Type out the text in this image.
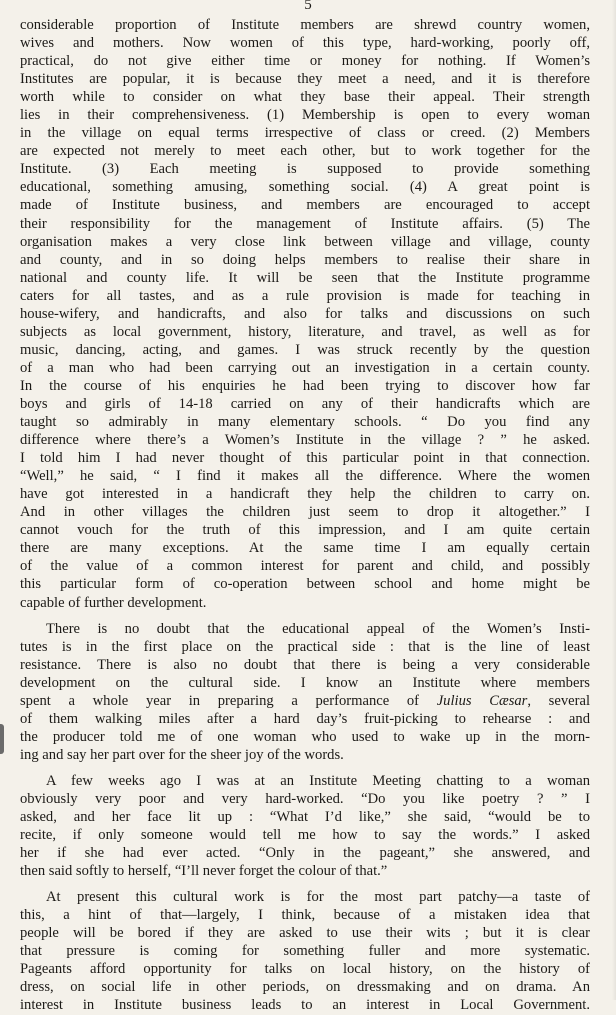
5

considerable proportion of Institute members are shrewd country women,

wives and mothers. Now women of this type, hard-working, poorly off,

practical, do not give either time or money for nothing. If Women’s

Institutes are popular, it is because they meet a need, and it is therefore

worth while to consider on what they base their appeal. Their strength

lies in their comprehensiveness. (1) Membership is open to every woman

in the village on equal terms irrespective of class or creed. (2) Members

are expected not merely to meet each other, but to work together for the

Institute. (3) Each meeting is supposed to provide something

educational, something amusing, something social. (4) A great point is

made of Institute business, and members are encouraged to accept

their responsibility for the management of Institute affairs. (5) The

organisation makes a very close link between village and village, county

and county, and in so doing helps members to realise their share in

national and county life. It will be seen that the Institute programme

caters for all tastes, and as a rule provision is made for teaching in

house-wifery, and handicrafts, and also for talks and discussions on such

subjects as local government, history, literature, and travel, as well as for

music, dancing, acting, and games. I was struck recently by the question

of a man who had been carrying out an investigation in a certain county.

In the course of his enquiries he had been trying to discover how far

boys and girls of 14-18 carried on any of their handicrafts which are

taught so admirably in many elementary schools. “ Do you find any

difference where there’s a Women’s Institute in the village ? ” he asked.

I told him I had never thought of this particular point in that connection.

“Well,” he said, “ I find it makes all the difference. Where the women

have got interested in a handicraft they help the children to carry on.

And in other villages the children just seem to drop it altogether.” I

cannot vouch for the truth of this impression, and I am quite certain

there are many exceptions. At the same time I am equally certain

of the value of a common interest for parent and child, and possibly

this particular form of co-operation between school and home might be

capable of further development.

There is no doubt that the educational appeal of the Women’s Insti-

tutes is in the first place on the practical side : that is the line of least

resistance. There is also no doubt that there is being a very considerable

development on the cultural side. I know an Institute where members

spent a whole year in preparing a performance of Julius Cæsar, several

of them walking miles after a hard day’s fruit-picking to rehearse : and

the producer told me of one woman who used to wake up in the morn-

ing and say her part over for the sheer joy of the words.

A few weeks ago I was at an Institute Meeting chatting to a woman

obviously very poor and very hard-worked. “Do you like poetry ? ” I

asked, and her face lit up : “What I’d like,” she said, “would be to

recite, if only someone would tell me how to say the words.” I asked

her if she had ever acted. “Only in the pageant,” she answered, and

then said softly to herself, “I’ll never forget the colour of that.”

At present this cultural work is for the most part patchy—a taste of

this, a hint of that—largely, I think, because of a mistaken idea that

people will be bored if they are asked to use their wits ; but it is clear

that pressure is coming for something fuller and more systematic.

Pageants afford opportunity for talks on local history, on the history of

dress, on social life in other periods, on dressmaking and on drama. An

interest in Institute business leads to an interest in Local Government.
